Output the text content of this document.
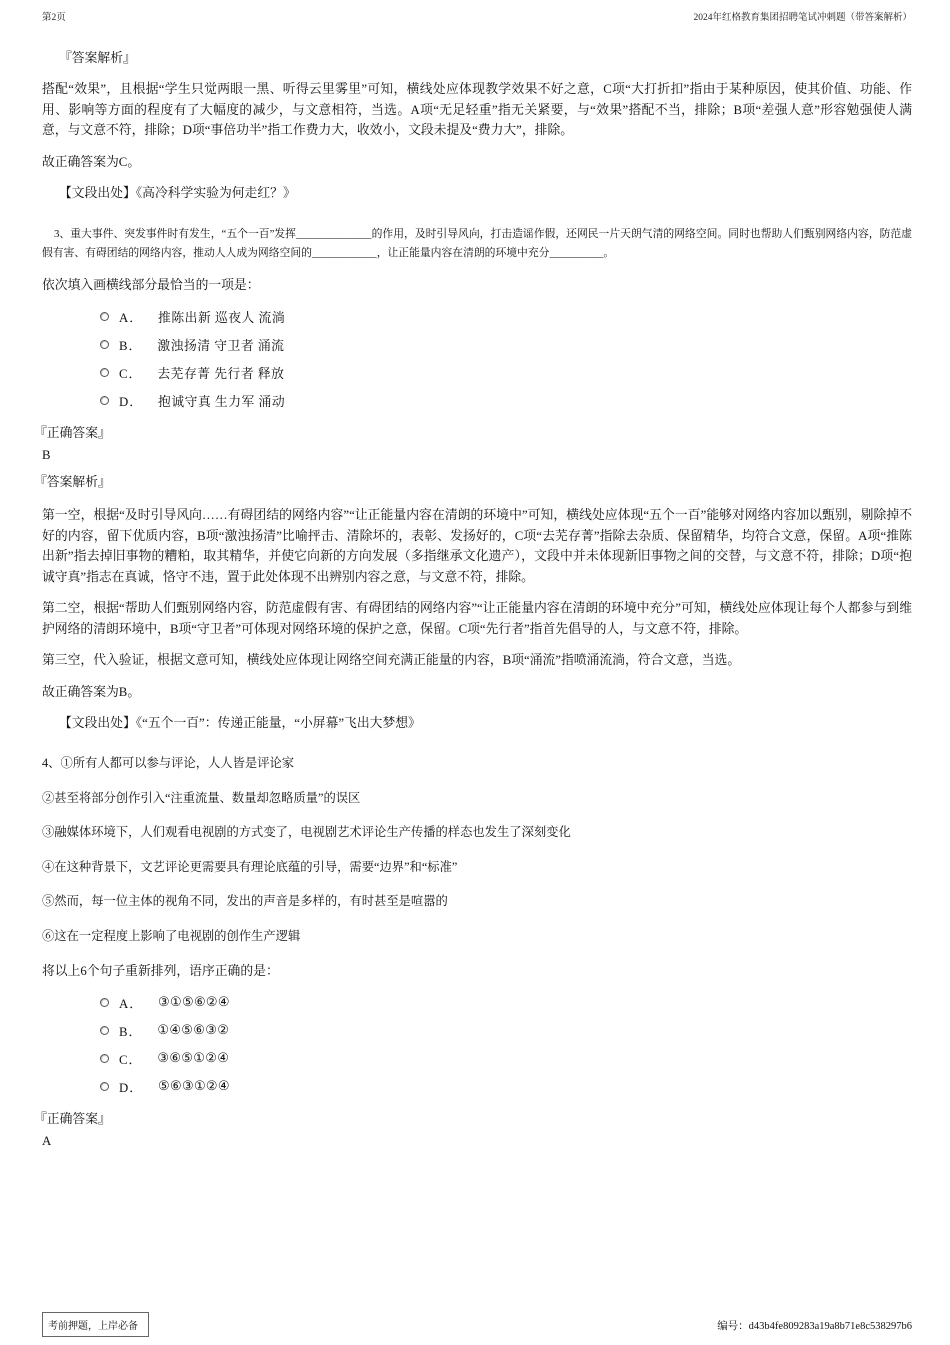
第2页	2024年红格教育集团招聘笔试冲刺题（带答案解析）

『答案解析』

搭配“效果”，且根据“学生只觉两眼一黑、听得云里雾里”可知，横线处应体现教学效果不好之意，C项“大打折扣”指由于某种原因，使其价值、功能、作用、影响等方面的程度有了大幅度的减少，与文意相符，当选。A项“无足轻重”指无关紧要，与“效果”搭配不当，排除；B项“差强人意”形容勉强使人满意，与文意不符，排除；D项“事倍功半”指工作费力大，收效小，文段未提及“费力大”，排除。

故正确答案为C。

【文段出处】《高冷科学实验为何走红？》

3、重大事件、突发事件时有发生，“五个一百”发挥______________的作用，及时引导风向，打击造谣作假，还网民一片天朗气清的网络空间。同时也帮助人们甄别网络内容，防范虚假有害、有碍团结的网络内容，推动人人成为网络空间的____________，让正能量内容在清朗的环境中充分__________。

依次填入画横线部分最恰当的一项是：

A． 推陈出新 巡夜人 流淌
B． 激浊扬清 守卫者 涌流
C． 去芜存菁 先行者 释放
D． 抱诚守真 生力军 涌动

『正确答案』

B

『答案解析』

第一空，根据“及时引导风向……有碍团结的网络内容”“让正能量内容在清朗的环境中”可知，横线处应体现“五个一百”能够对网络内容加以甄别，剔除掉不好的内容，留下优质内容，B项“激浊扬清”比喻抨击、清除坏的，表彰、发扬好的，C项“去芜存菁”指除去杂质、保留精华，均符合文意，保留。A项“推陈出新”指去掉旧事物的糟粕，取其精华，并使它向新的方向发展（多指继承文化遗产），文段中并未体现新旧事物之间的交替，与文意不符，排除；D项“抱诚守真”指志在真诚，恪守不违，置于此处体现不出辨别内容之意，与文意不符，排除。

第二空，根据“帮助人们甄别网络内容，防范虚假有害、有碍团结的网络内容”“让正能量内容在清朗的环境中充分”可知，横线处应体现让每个人都参与到维护网络的清朗环境中，B项“守卫者”可体现对网络环境的保护之意，保留。C项“先行者”指首先倡导的人，与文意不符，排除。

第三空，代入验证，根据文意可知，横线处应体现让网络空间充满正能量的内容，B项“涌流”指喷涌流淌，符合文意，当选。

故正确答案为B。

【文段出处】《“五个一百”：传递正能量，“小屏幕”飞出大梦想》

4、①所有人都可以参与评论，人人皆是评论家

②甚至将部分创作引入“注重流量、数量却忽略质量”的误区

③融媒体环境下，人们观看电视剧的方式变了，电视剧艺术评论生产传播的样态也发生了深刻变化

④在这种背景下，文艺评论更需要具有理论底蕴的引导，需要“边界”和“标准”

⑤然而，每一位主体的视角不同，发出的声音是多样的，有时甚至是喧嚣的

⑥这在一定程度上影响了电视剧的创作生产逻辑

将以上6个句子重新排列，语序正确的是：

A． ③①⑤⑥②④
B． ①④⑤⑥③②
C． ③⑥⑤①②④
D． ⑤⑥③①②④

『正确答案』

A

考前押题，上岸必备	编号：d43b4fe809283a19a8b71e8c538297b6
